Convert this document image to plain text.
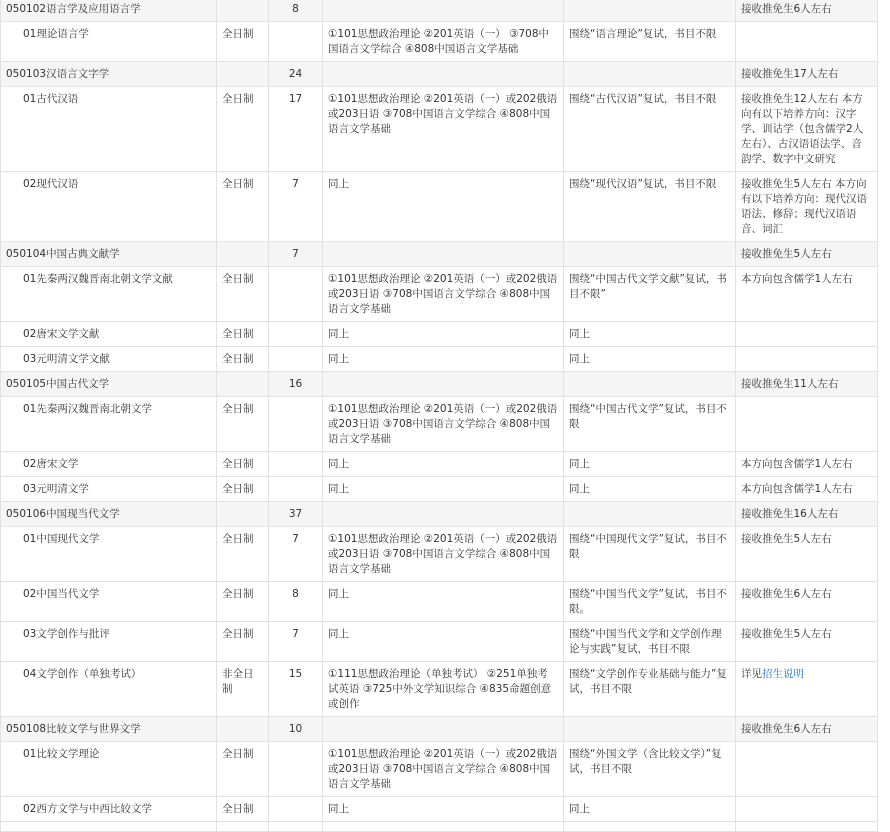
050102语言学及应用语言学		8			接收推免生6人左右
01理论语言学	全日制		①101思想政治理论 ②201英语（一） ③708中国语言文学综合 ④808中国语言文学基础	围绕“语言理论”复试，书目不限	
050103汉语言文字学		24			接收推免生17人左右
01古代汉语	全日制	17	①101思想政治理论 ②201英语（一）或202俄语或203日语 ③708中国语言文学综合 ④808中国语言文学基础	围绕“古代汉语”复试，书目不限	接收推免生12人左右 本方向有以下培养方向：汉字学、训诂学（包含儒学2人左右）、古汉语语法学、音韵学、数字中文研究
02现代汉语	全日制	7	同上	围绕“现代汉语”复试，书目不限	接收推免生5人左右 本方向有以下培养方向：现代汉语语法、修辞；现代汉语语音、词汇
050104中国古典文献学		7			接收推免生5人左右
01先秦两汉魏晋南北朝文学文献	全日制		①101思想政治理论 ②201英语（一）或202俄语或203日语 ③708中国语言文学综合 ④808中国语言文学基础	围绕“中国古代文学文献”复试，书目不限”	本方向包含儒学1人左右
02唐宋文学文献	全日制		同上	同上	
03元明清文学文献	全日制		同上	同上	
050105中国古代文学		16			接收推免生11人左右
01先秦两汉魏晋南北朝文学	全日制		①101思想政治理论 ②201英语（一）或202俄语或203日语 ③708中国语言文学综合 ④808中国语言文学基础	围绕“中国古代文学”复试，书目不限	
02唐宋文学	全日制		同上	同上	本方向包含儒学1人左右
03元明清文学	全日制		同上	同上	本方向包含儒学1人左右
050106中国现当代文学		37			接收推免生16人左右
01中国现代文学	全日制	7	①101思想政治理论 ②201英语（一）或202俄语或203日语 ③708中国语言文学综合 ④808中国语言文学基础	围绕“中国现代文学”复试，书目不限	接收推免生5人左右
02中国当代文学	全日制	8	同上	围绕“中国当代文学”复试，书目不限。	接收推免生6人左右
03文学创作与批评	全日制	7	同上	围绕“中国当代文学和文学创作理论与实践”复试，书目不限	接收推免生5人左右
04文学创作（单独考试）	非全日制	15	①111思想政治理论（单独考试） ②251单独考试英语 ③725中外文学知识综合 ④835命题创意或创作	围绕“文学创作专业基础与能力”复试，书目不限	详见招生说明
050108比较文学与世界文学		10			接收推免生6人左右
01比较文学理论	全日制		①101思想政治理论 ②201英语（一）或202俄语或203日语 ③708中国语言文学综合 ④808中国语言文学基础	围绕“外国文学（含比较文学）”复试，书目不限	
02西方文学与中西比较文学	全日制		同上	同上	
